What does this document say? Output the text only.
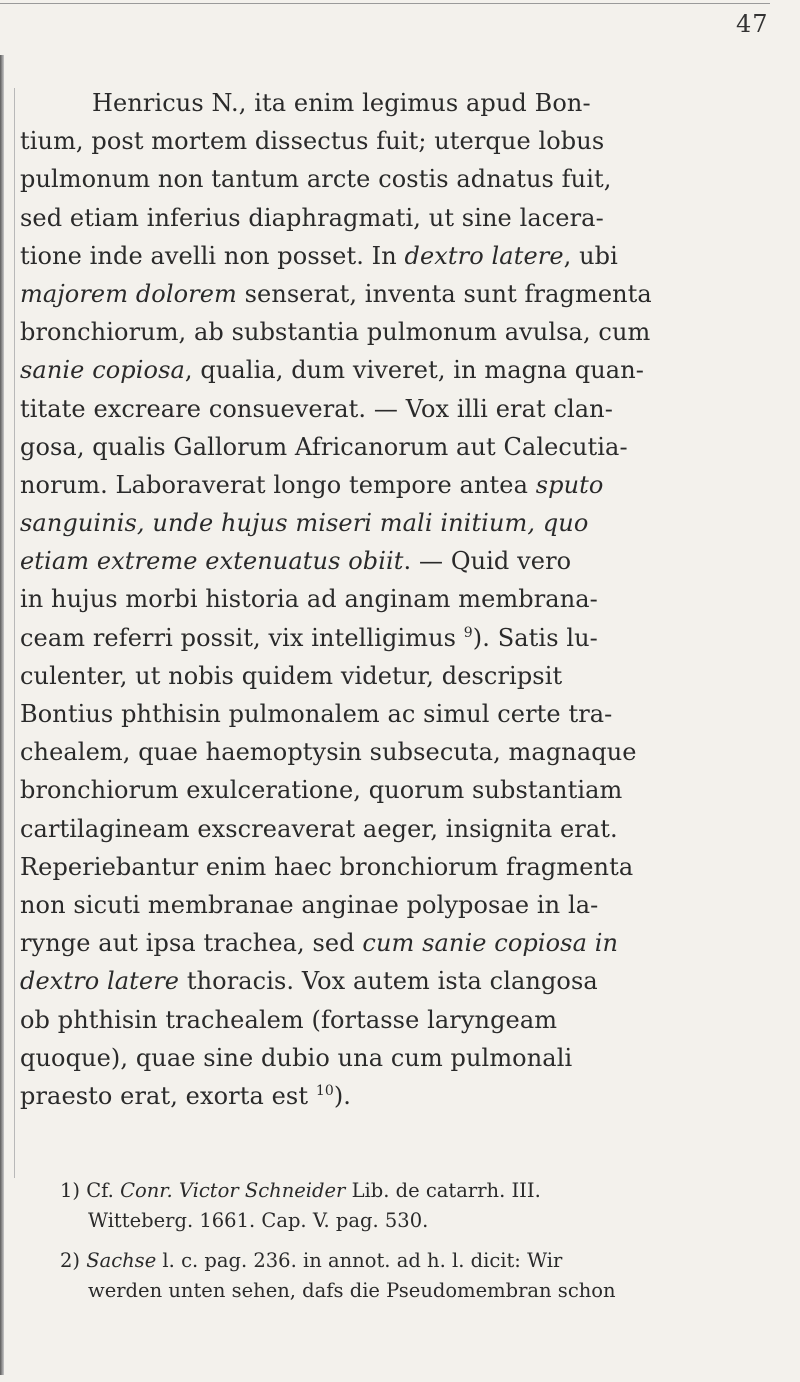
47
Henricus N., ita enim legimus apud Bon-
tium, post mortem dissectus fuit; uterque lobus
pulmonum non tantum arcte costis adnatus fuit,
sed etiam inferius diaphragmati, ut sine lacera-
tione inde avelli non posset. In dextro latere, ubi
majorem dolorem senserat, inventa sunt fragmenta
bronchiorum, ab substantia pulmonum avulsa, cum
sanie copiosa, qualia, dum viveret, in magna quan-
titate excreare consueverat. — Vox illi erat clan-
gosa, qualis Gallorum Africanorum aut Calecutia-
norum. Laboraverat longo tempore antea sputo
sanguinis, unde hujus miseri mali initium, quo
etiam extreme extenuatus obiit. — Quid vero
in hujus morbi historia ad anginam membrana-
ceam referri possit, vix intelligimus $^9$). Satis lu-
culenter, ut nobis quidem videtur, descripsit
Bontius phthisin pulmonalem ac simul certe tra-
chealem, quae haemoptysin subsecuta, magnaque
bronchiorum exulceratione, quorum substantiam
cartilagineam exscreaverat aeger, insignita erat.
Reperiebantur enim haec bronchiorum fragmenta
non sicuti membranae anginae polyposae in la-
rynge aut ipsa trachea, sed cum sanie copiosa in
dextro latere thoracis. Vox autem ista clangosa
ob phthisin trachealem (fortasse laryngeam
quoque), quae sine dubio una cum pulmonali
praesto erat, exorta est $^{10}$).
1) Cf. Conr. Victor Schneider Lib. de catarrh. III.
Witteberg. 1661. Cap. V. pag. 530.
2) Sachse l. c. pag. 236. in annot. ad h. l. dicit: Wir
werden unten sehen, dafs die Pseudomembran schon
